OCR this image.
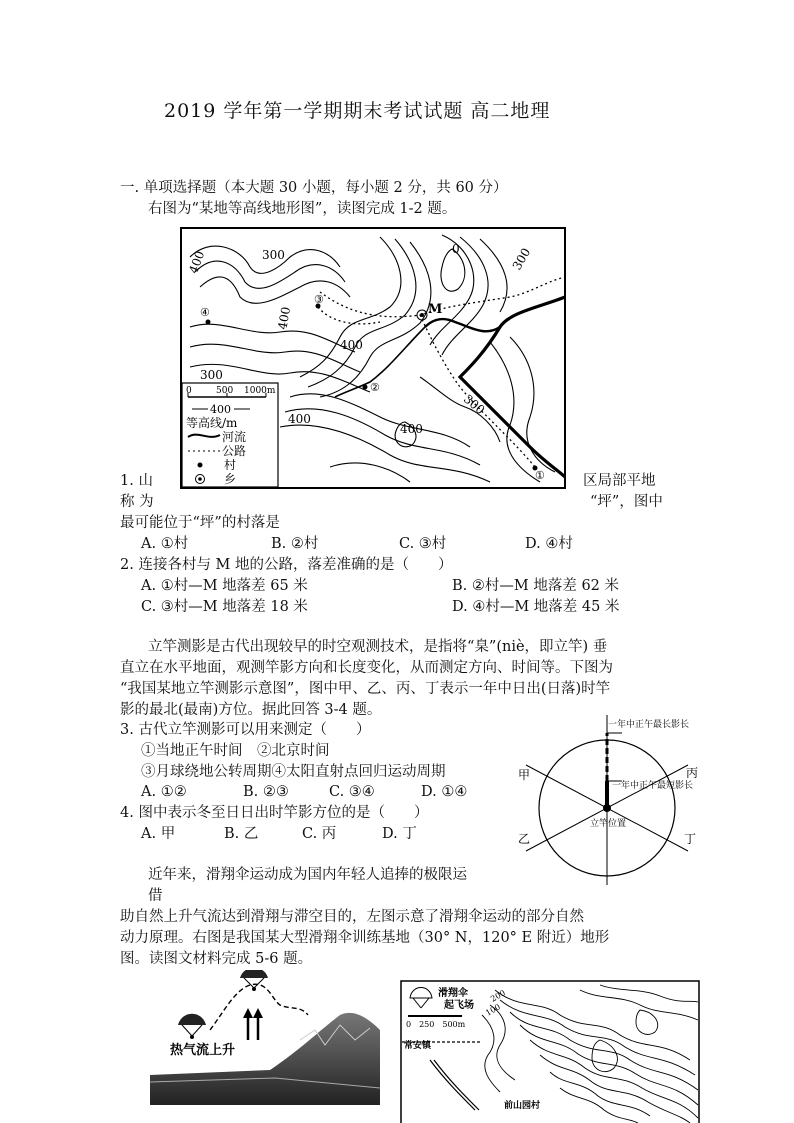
2019 学年第一学期期末考试试题 高二地理
一. 单项选择题（本大题 30 小题，每小题 2 分，共 60 分）
右图为“某地等高线地形图”，读图完成 1-2 题。
③
④
②
①
M
300
400	300
400
400
300
400
400
300
0
0	500 1000m
400
等高线/m
河流
公路
村
乡
1. 山	区局部平地
称 为	“坪”，图中
最可能位于“坪”的村落是
A. ①村	B. ②村	C. ③村	D. ④村
2. 连接各村与 M 地的公路，落差准确的是（　　）
A. ①村—M 地落差 65 米	B. ②村—M 地落差 62 米
C. ③村—M 地落差 18 米	D. ④村—M 地落差 45 米
立竿测影是古代出现较早的时空观测技术，是指将“臬”(niè，即立竿) 垂
直立在水平地面，观测竿影方向和长度变化，从而测定方向、时间等。下图为
“我国某地立竿测影示意图”，图中甲、乙、丙、丁表示一年中日出(日落)时竿
影的最北(最南)方位。据此回答 3-4 题。
3. 古代立竿测影可以用来测定（　　）
①当地正午时间　②北京时间
③月球绕地公转周期④太阳直射点回归运动周期
A. ①②	B. ②③	C. ③④	D. ①④
4. 图中表示冬至日日出时竿影方位的是（　　）
A. 甲	B. 乙	C. 丙	D. 丁
一年中正午最长影长
一年中正午最短影长
立竿位置
甲
乙
丙
丁
近年来，滑翔伞运动成为国内年轻人追捧的极限运
借
助自然上升气流达到滑翔与滞空目的，左图示意了滑翔伞运动的部分自然
动力原理。右图是我国某大型滑翔伞训练基地（30° N，120° E 附近）地形
图。读图文材料完成 5-6 题。
热气流上升
200
100
滑翔伞
起飞场
0　250　500m
常安镇
前山园村
